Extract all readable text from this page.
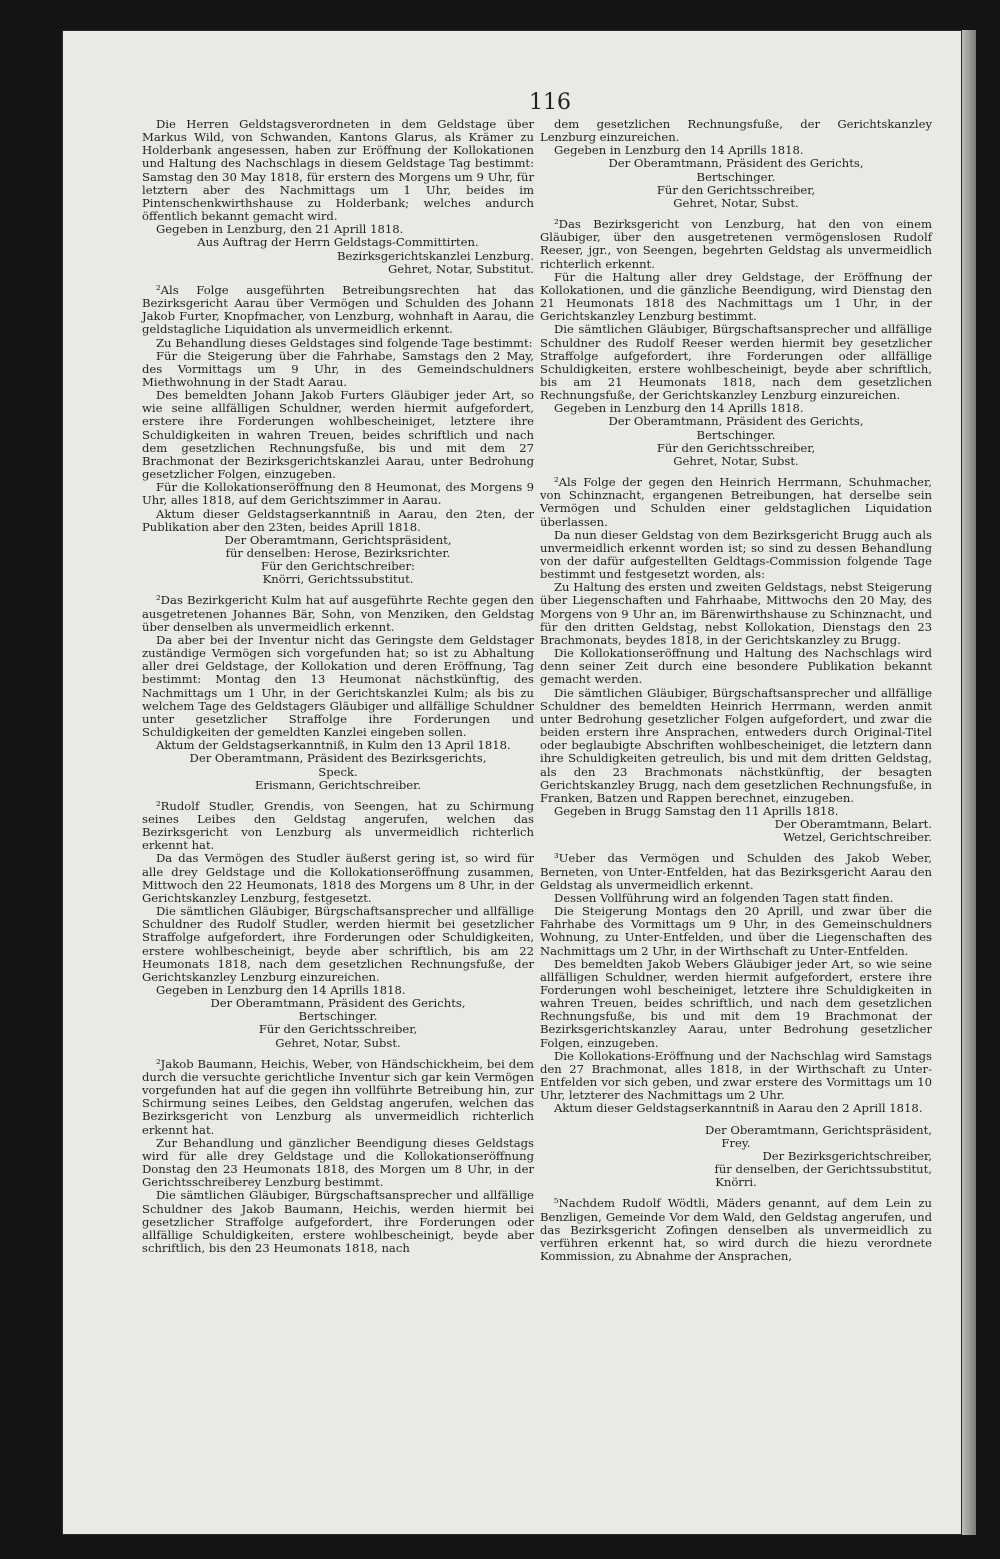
116

Die Herren Geldstagsverordneten in dem Geldstage über Markus Wild, von Schwanden, Kantons Glarus, als Krämer zu Holderbank angesessen, haben zur Eröffnung der Kollokationen und Haltung des Nachschlags in diesem Geldstage Tag bestimmt: Samstag den 30 May 1818, für erstern des Morgens um 9 Uhr, für letztern aber des Nachmittags um 1 Uhr, beides im Pintenschenkwirthshause zu Holderbank; welches andurch öffentlich bekannt gemacht wird.

Gegeben in Lenzburg, den 21 Aprill 1818.

Aus Auftrag der Herrn Geldstags-Committirten.

Bezirksgerichtskanzlei Lenzburg.

Gehret, Notar, Substitut.

²Als Folge ausgeführten Betreibungsrechten hat das Bezirksgericht Aarau über Vermögen und Schulden des Johann Jakob Furter, Knopfmacher, von Lenzburg, wohnhaft in Aarau, die geldstagliche Liquidation als unvermeidlich erkennt.

Zu Behandlung dieses Geldstages sind folgende Tage bestimmt:

Für die Steigerung über die Fahrhabe, Samstags den 2 May, des Vormittags um 9 Uhr, in des Gemeindschuldners Miethwohnung in der Stadt Aarau.

Des bemeldten Johann Jakob Furters Gläubiger jeder Art, so wie seine allfälligen Schuldner, werden hiermit aufgefordert, erstere ihre Forderungen wohlbescheiniget, letztere ihre Schuldigkeiten in wahren Treuen, beides schriftlich und nach dem gesetzlichen Rechnungsfuße, bis und mit dem 27 Brachmonat der Bezirksgerichtskanzlei Aarau, unter Bedrohung gesetzlicher Folgen, einzugeben.

Für die Kollokationseröffnung den 8 Heumonat, des Morgens 9 Uhr, alles 1818, auf dem Gerichtszimmer in Aarau.

Aktum dieser Geldstagserkanntniß in Aarau, den 2ten, der Publikation aber den 23ten, beides Aprill 1818.

Der Oberamtmann, Gerichtspräsident,

für denselben: Herose, Bezirksrichter.

Für den Gerichtschreiber:

Knörri, Gerichtssubstitut.

²Das Bezirkgericht Kulm hat auf ausgeführte Rechte gegen den ausgetretenen Johannes Bär, Sohn, von Menziken, den Geldstag über denselben als unvermeidlich erkennt.

Da aber bei der Inventur nicht das Geringste dem Geldstager zuständige Vermögen sich vorgefunden hat; so ist zu Abhaltung aller drei Geldstage, der Kollokation und deren Eröffnung, Tag bestimmt: Montag den 13 Heumonat nächstkünftig, des Nachmittags um 1 Uhr, in der Gerichtskanzlei Kulm; als bis zu welchem Tage des Geldstagers Gläubiger und allfällige Schuldner unter gesetzlicher Straffolge ihre Forderungen und Schuldigkeiten der gemeldten Kanzlei eingeben sollen.

Aktum der Geldstagserkanntniß, in Kulm den 13 April 1818.

Der Oberamtmann, Präsident des Bezirksgerichts,

Speck.

Erismann, Gerichtschreiber.

²Rudolf Studler, Grendis, von Seengen, hat zu Schirmung seines Leibes den Geldstag angerufen, welchen das Bezirksgericht von Lenzburg als unvermeidlich richterlich erkennt hat.

Da das Vermögen des Studler äußerst gering ist, so wird für alle drey Geldstage und die Kollokationseröffnung zusammen, Mittwoch den 22 Heumonats, 1818 des Morgens um 8 Uhr, in der Gerichtskanzley Lenzburg, festgesetzt.

Die sämtlichen Gläubiger, Bürgschaftsansprecher und allfällige Schuldner des Rudolf Studler, werden hiermit bei gesetzlicher Straffolge aufgefordert, ihre Forderungen oder Schuldigkeiten, erstere wohlbescheinigt, beyde aber schriftlich, bis am 22 Heumonats 1818, nach dem gesetzlichen Rechnungsfuße, der Gerichtskanzley Lenzburg einzureichen.

Gegeben in Lenzburg den 14 Aprills 1818.

Der Oberamtmann, Präsident des Gerichts,

Bertschinger.

Für den Gerichtsschreiber,

Gehret, Notar, Subst.

²Jakob Baumann, Heichis, Weber, von Händschickheim, bei dem durch die versuchte gerichtliche Inventur sich gar kein Vermögen vorgefunden hat auf die gegen ihn vollführte Betreibung hin, zur Schirmung seines Leibes, den Geldstag angerufen, welchen das Bezirksgericht von Lenzburg als unvermeidlich richterlich erkennt hat.

Zur Behandlung und gänzlicher Beendigung dieses Geldstags wird für alle drey Geldstage und die Kollokationseröffnung Donstag den 23 Heumonats 1818, des Morgen um 8 Uhr, in der Gerichtsschreiberey Lenzburg bestimmt.

Die sämtlichen Gläubiger, Bürgschaftsansprecher und allfällige Schuldner des Jakob Baumann, Heichis, werden hiermit bei gesetzlicher Straffolge aufgefordert, ihre Forderungen oder allfällige Schuldigkeiten, erstere wohlbescheinigt, beyde aber schriftlich, bis den 23 Heumonats 1818, nach

dem gesetzlichen Rechnungsfuße, der Gerichtskanzley Lenzburg einzureichen.

Gegeben in Lenzburg den 14 Aprills 1818.

Der Oberamtmann, Präsident des Gerichts,

Bertschinger.

Für den Gerichtsschreiber,

Gehret, Notar, Subst.

²Das Bezirksgericht von Lenzburg, hat den von einem Gläubiger, über den ausgetretenen vermögenslosen Rudolf Reeser, jgr., von Seengen, begehrten Geldstag als unvermeidlich richterlich erkennt.

Für die Haltung aller drey Geldstage, der Eröffnung der Kollokationen, und die gänzliche Beendigung, wird Dienstag den 21 Heumonats 1818 des Nachmittags um 1 Uhr, in der Gerichtskanzley Lenzburg bestimmt.

Die sämtlichen Gläubiger, Bürgschaftsansprecher und allfällige Schuldner des Rudolf Reeser werden hiermit bey gesetzlicher Straffolge aufgefordert, ihre Forderungen oder allfällige Schuldigkeiten, erstere wohlbescheinigt, beyde aber schriftlich, bis am 21 Heumonats 1818, nach dem gesetzlichen Rechnungsfuße, der Gerichtskanzley Lenzburg einzureichen.

Gegeben in Lenzburg den 14 Aprills 1818.

Der Oberamtmann, Präsident des Gerichts,

Bertschinger.

Für den Gerichtsschreiber,

Gehret, Notar, Subst.

²Als Folge der gegen den Heinrich Herrmann, Schuhmacher, von Schinznacht, ergangenen Betreibungen, hat derselbe sein Vermögen und Schulden einer geldstaglichen Liquidation überlassen.

Da nun dieser Geldstag von dem Bezirksgericht Brugg auch als unvermeidlich erkennt worden ist; so sind zu dessen Behandlung von der dafür aufgestellten Geldtags-Commission folgende Tage bestimmt und festgesetzt worden, als:

Zu Haltung des ersten und zweiten Geldstags, nebst Steigerung über Liegenschaften und Fahrhaabe, Mittwochs den 20 May, des Morgens von 9 Uhr an, im Bärenwirthshause zu Schinznacht, und für den dritten Geldstag, nebst Kollokation, Dienstags den 23 Brachmonats, beydes 1818, in der Gerichtskanzley zu Brugg.

Die Kollokationseröffnung und Haltung des Nachschlags wird denn seiner Zeit durch eine besondere Publikation bekannt gemacht werden.

Die sämtlichen Gläubiger, Bürgschaftsansprecher und allfällige Schuldner des bemeldten Heinrich Herrmann, werden anmit unter Bedrohung gesetzlicher Folgen aufgefordert, und zwar die beiden erstern ihre Ansprachen, entweders durch Original-Titel oder beglaubigte Abschriften wohlbescheiniget, die letztern dann ihre Schuldigkeiten getreulich, bis und mit dem dritten Geldstag, als den 23 Brachmonats nächstkünftig, der besagten Gerichtskanzley Brugg, nach dem gesetzlichen Rechnungsfuße, in Franken, Batzen und Rappen berechnet, einzugeben.

Gegeben in Brugg Samstag den 11 Aprills 1818.

Der Oberamtmann, Belart.

Wetzel, Gerichtschreiber.

³Ueber das Vermögen und Schulden des Jakob Weber, Berneten, von Unter-Entfelden, hat das Bezirksgericht Aarau den Geldstag als unvermeidlich erkennt.

Dessen Vollführung wird an folgenden Tagen statt finden.

Die Steigerung Montags den 20 Aprill, und zwar über die Fahrhabe des Vormittags um 9 Uhr, in des Gemeinschuldners Wohnung, zu Unter-Entfelden, und über die Liegenschaften des Nachmittags um 2 Uhr, in der Wirthschaft zu Unter-Entfelden.

Des bemeldten Jakob Webers Gläubiger jeder Art, so wie seine allfälligen Schuldner, werden hiermit aufgefordert, erstere ihre Forderungen wohl bescheiniget, letztere ihre Schuldigkeiten in wahren Treuen, beides schriftlich, und nach dem gesetzlichen Rechnungsfuße, bis und mit dem 19 Brachmonat der Bezirksgerichtskanzley Aarau, unter Bedrohung gesetzlicher Folgen, einzugeben.

Die Kollokations-Eröffnung und der Nachschlag wird Samstags den 27 Brachmonat, alles 1818, in der Wirthschaft zu Unter-Entfelden vor sich geben, und zwar erstere des Vormittags um 10 Uhr, letzterer des Nachmittags um 2 Uhr.

Aktum dieser Geldstagserkanntniß in Aarau den 2 Aprill 1818.

Der Oberamtmann, Gerichtspräsident,

Frey.

Der Bezirksgerichtschreiber,

für denselben, der Gerichtssubstitut,

Knörri.

⁵Nachdem Rudolf Wödtli, Mäders genannt, auf dem Lein zu Benzligen, Gemeinde Vor dem Wald, den Geldstag angerufen, und das Bezirksgericht Zofingen denselben als unvermeidlich zu verführen erkennt hat, so wird durch die hiezu verordnete Kommission, zu Abnahme der Ansprachen,
